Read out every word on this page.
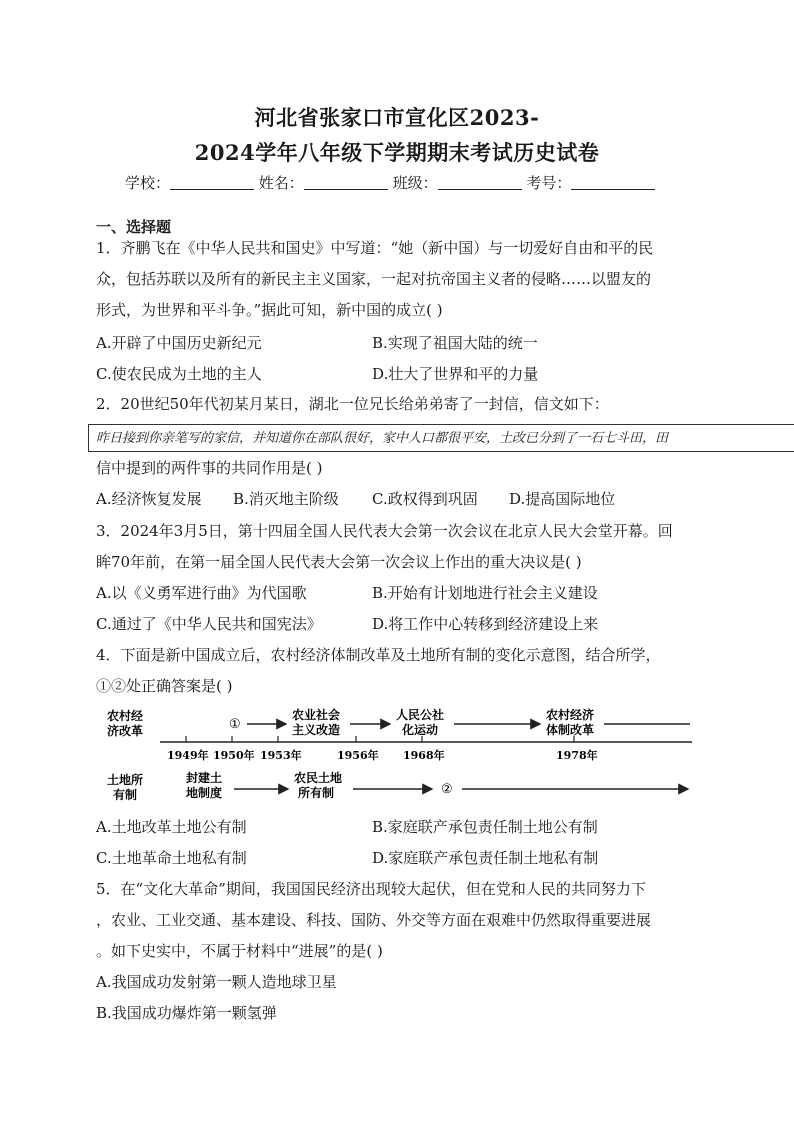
河北省张家口市宣化区2023-
2024学年八年级下学期期末考试历史试卷
学校：	姓名：	班级：	考号：
一、选择题
1．齐鹏飞在《中华人民共和国史》中写道：“她（新中国）与一切爱好自由和平的民
众，包括苏联以及所有的新民主主义国家，一起对抗帝国主义者的侵略……以盟友的
形式，为世界和平斗争。”据此可知，新中国的成立( )
A.开辟了中国历史新纪元	B.实现了祖国大陆的统一
C.使农民成为土地的主人	D.壮大了世界和平的力量
2．20世纪50年代初某月某日，湖北一位兄长给弟弟寄了一封信，信文如下：
昨日接到你亲笔写的家信，并知道你在部队很好，家中人口都很平安，土改已分到了一石七斗田，田
信中提到的两件事的共同作用是( )
A.经济恢复发展 B.消灭地主阶级 C.政权得到巩固 D.提高国际地位
3．2024年3月5日，第十四届全国人民代表大会第一次会议在北京人民大会堂开幕。回
眸70年前，在第一届全国人民代表大会第一次会议上作出的重大决议是( )
A.以《义勇军进行曲》为代国歌	B.开始有计划地进行社会主义建设
C.通过了《中华人民共和国宪法》	D.将工作中心转移到经济建设上来
4．下面是新中国成立后，农村经济体制改革及土地所有制的变化示意图，结合所学，
①②处正确答案是( )
农村经
济改革	①
农业社会
主义改造
人民公社
化运动
农村经济
体制改革
1949年 1950年 1953年	1956年 1968年	1978年
土地所
有制
封建土
地制度
农民土地
所有制	②
A.土地改革土地公有制	B.家庭联产承包责任制土地公有制
C.土地革命土地私有制	D.家庭联产承包责任制土地私有制
5．在“文化大革命”期间，我国国民经济出现较大起伏，但在党和人民的共同努力下
，农业、工业交通、基本建设、科技、国防、外交等方面在艰难中仍然取得重要进展
。如下史实中，不属于材料中“进展”的是( )
A.我国成功发射第一颗人造地球卫星
B.我国成功爆炸第一颗氢弹
